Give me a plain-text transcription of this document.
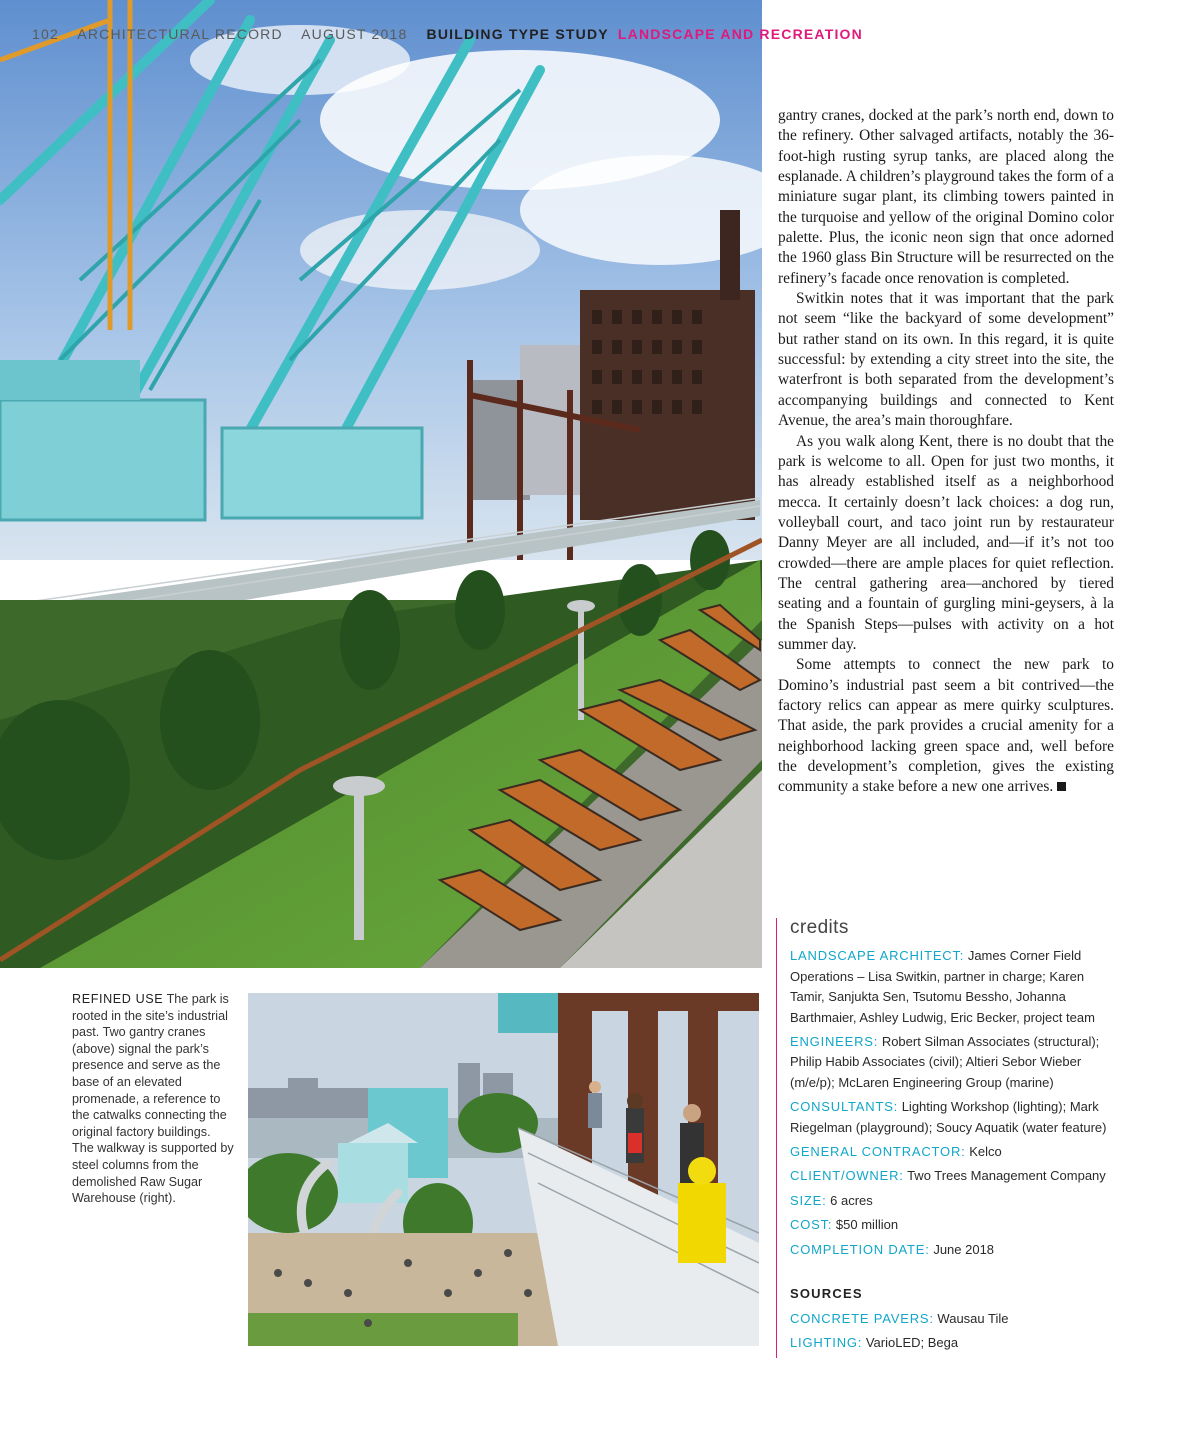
102 ARCHITECTURAL RECORD AUGUST 2018 BUILDING TYPE STUDY LANDSCAPE AND RECREATION

gantry cranes, docked at the park’s north end, down to the refinery. Other salvaged artifacts, notably the 36-foot-high rusting syrup tanks, are placed along the esplanade. A children’s playground takes the form of a miniature sugar plant, its climbing towers painted in the turquoise and yellow of the original Domino color palette. Plus, the iconic neon sign that once adorned the 1960 glass Bin Structure will be resurrected on the refinery’s facade once renovation is completed.

Switkin notes that it was important that the park not seem “like the backyard of some development” but rather stand on its own. In this regard, it is quite successful: by extending a city street into the site, the waterfront is both separated from the development’s accompanying buildings and connected to Kent Avenue, the area’s main thoroughfare.

As you walk along Kent, there is no doubt that the park is welcome to all. Open for just two months, it has already established itself as a neighborhood mecca. It certainly doesn’t lack choices: a dog run, volleyball court, and taco joint run by restaurateur Danny Meyer are all included, and—if it’s not too crowded—there are ample places for quiet reflection. The central gathering area—anchored by tiered seating and a fountain of gurgling mini-geysers, à la the Spanish Steps—pulses with activity on a hot summer day.

Some attempts to connect the new park to Domino’s industrial past seem a bit contrived—the factory relics can appear as mere quirky sculptures. That aside, the park provides a crucial amenity for a neighborhood lacking green space and, well before the development’s completion, gives the existing community a stake before a new one arrives.

REFINED USE The park is rooted in the site’s industrial past. Two gantry cranes (above) signal the park’s presence and serve as the base of an elevated promenade, a reference to the catwalks connecting the original factory buildings. The walkway is supported by steel columns from the demolished Raw Sugar Warehouse (right).
credits
LANDSCAPE ARCHITECT: James Corner Field Operations – Lisa Switkin, partner in charge; Karen Tamir, Sanjukta Sen, Tsutomu Bessho, Johanna Barthmaier, Ashley Ludwig, Eric Becker, project team
ENGINEERS: Robert Silman Associates (structural); Philip Habib Associates (civil); Altieri Sebor Wieber (m/e/p); McLaren Engineering Group (marine)
CONSULTANTS: Lighting Workshop (lighting); Mark Riegelman (playground); Soucy Aquatik (water feature)
GENERAL CONTRACTOR: Kelco
CLIENT/OWNER: Two Trees Management Company
SIZE: 6 acres
COST: $50 million
COMPLETION DATE: June 2018
SOURCES
CONCRETE PAVERS: Wausau Tile
LIGHTING: VarioLED; Bega
